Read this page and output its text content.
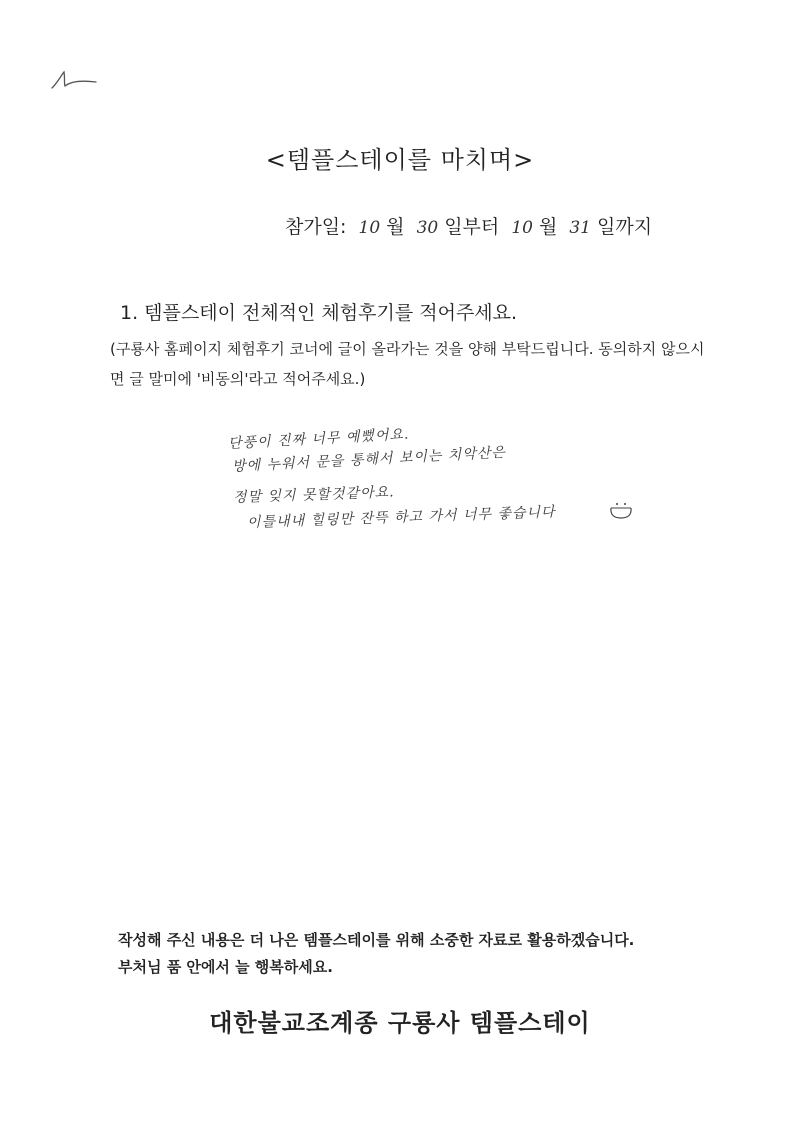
<템플스테이를 마치며>
참가일: 10 월 30 일부터 10 월 31 일까지
1. 템플스테이 전체적인 체험후기를 적어주세요.
(구룡사 홈페이지 체험후기 코너에 글이 올라가는 것을 양해 부탁드립니다. 동의하지 않으시면 글 말미에 '비동의'라고 적어주세요.)
단풍이 진짜 너무 예뻤어요.
방에 누워서 문을 통해서 보이는 치악산은
정말 잊지 못할것같아요.
이틀내내 힐링만 잔뜩 하고 가서 너무 좋습니다
작성해 주신 내용은 더 나은 템플스테이를 위해 소중한 자료로 활용하겠습니다.
부처님 품 안에서 늘 행복하세요.
대한불교조계종 구룡사 템플스테이
